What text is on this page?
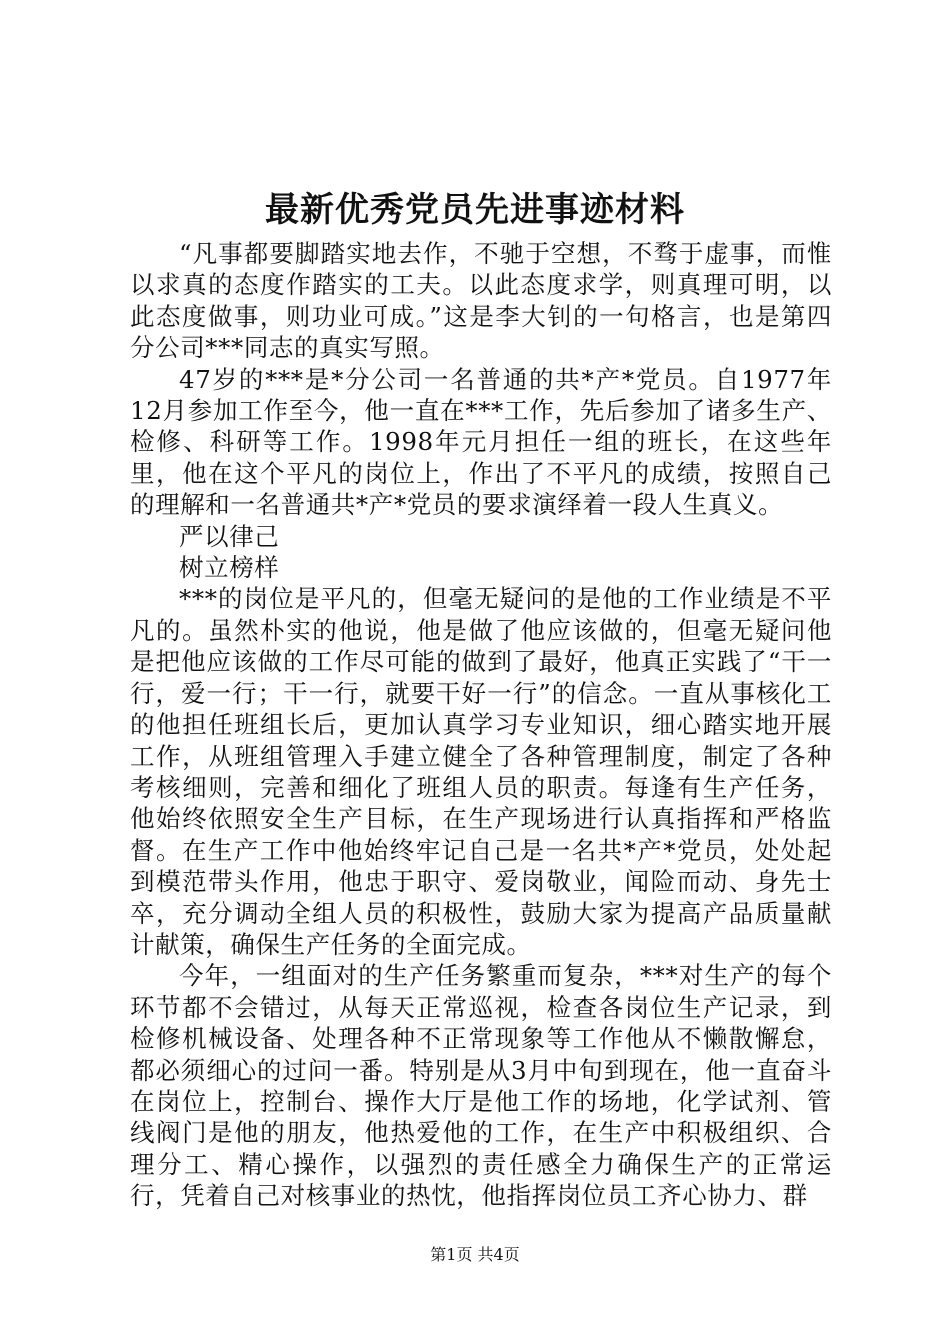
最新优秀党员先进事迹材料

“凡事都要脚踏实地去作，不驰于空想，不骛于虚事，而惟以求真的态度作踏实的工夫。以此态度求学，则真理可明，以此态度做事，则功业可成。”这是李大钊的一句格言，也是第四分公司***同志的真实写照。

47岁的***是*分公司一名普通的共*产*党员。自1977年12月参加工作至今，他一直在***工作，先后参加了诸多生产、检修、科研等工作。1998年元月担任一组的班长，在这些年里，他在这个平凡的岗位上，作出了不平凡的成绩，按照自己的理解和一名普通共*产*党员的要求演绎着一段人生真义。

严以律己

树立榜样

***的岗位是平凡的，但毫无疑问的是他的工作业绩是不平凡的。虽然朴实的他说，他是做了他应该做的，但毫无疑问他是把他应该做的工作尽可能的做到了最好，他真正实践了“干一行，爱一行；干一行，就要干好一行”的信念。一直从事核化工的他担任班组长后，更加认真学习专业知识，细心踏实地开展工作，从班组管理入手建立健全了各种管理制度，制定了各种考核细则，完善和细化了班组人员的职责。每逢有生产任务，他始终依照安全生产目标，在生产现场进行认真指挥和严格监督。在生产工作中他始终牢记自己是一名共*产*党员，处处起到模范带头作用，他忠于职守、爱岗敬业，闻险而动、身先士卒，充分调动全组人员的积极性，鼓励大家为提高产品质量献计献策，确保生产任务的全面完成。

今年，一组面对的生产任务繁重而复杂，***对生产的每个环节都不会错过，从每天正常巡视，检查各岗位生产记录，到检修机械设备、处理各种不正常现象等工作他从不懒散懈怠，都必须细心的过问一番。特别是从3月中旬到现在，他一直奋斗在岗位上，控制台、操作大厅是他工作的场地，化学试剂、管线阀门是他的朋友，他热爱他的工作，在生产中积极组织、合理分工、精心操作，以强烈的责任感全力确保生产的正常运行，凭着自己对核事业的热忱，他指挥岗位员工齐心协力、群

第1页 共4页
